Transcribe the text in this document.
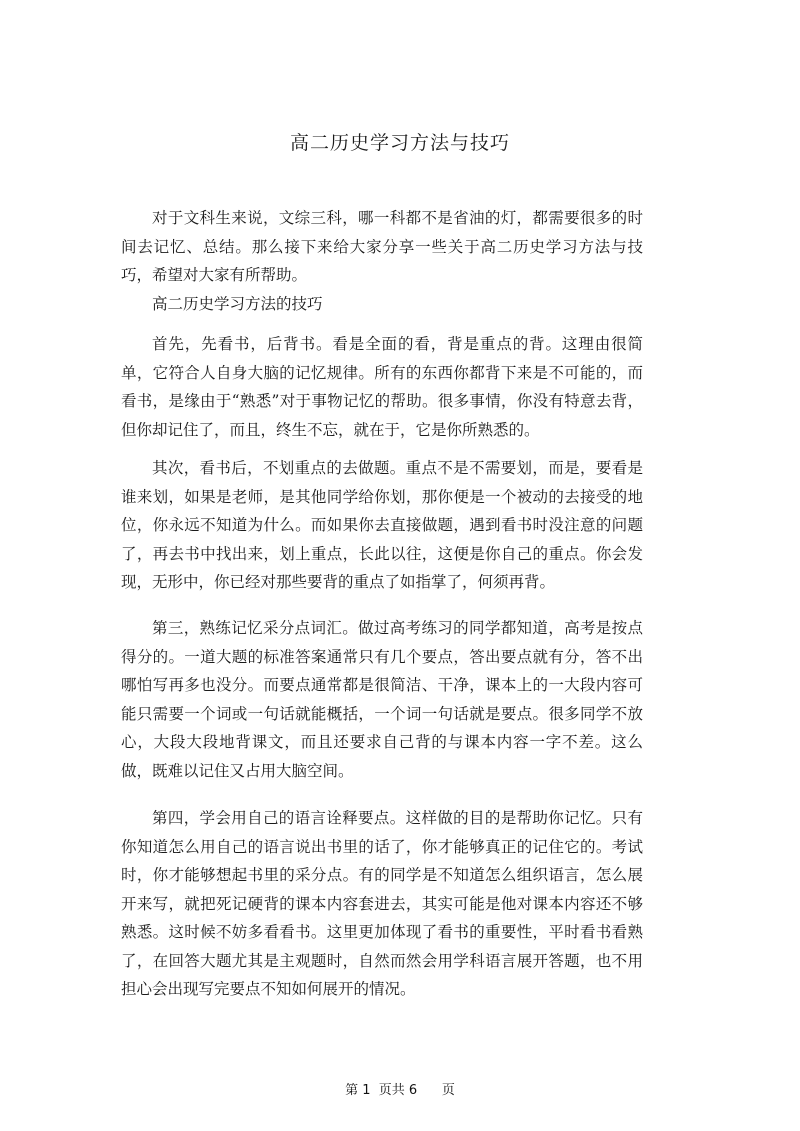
高二历史学习方法与技巧

对于文科生来说，文综三科，哪一科都不是省油的灯，都需要很多的时间去记忆、总结。那么接下来给大家分享一些关于高二历史学习方法与技巧，希望对大家有所帮助。

高二历史学习方法的技巧

首先，先看书，后背书。看是全面的看，背是重点的背。这理由很简单，它符合人自身大脑的记忆规律。所有的东西你都背下来是不可能的，而看书，是缘由于“熟悉”对于事物记忆的帮助。很多事情，你没有特意去背，但你却记住了，而且，终生不忘，就在于，它是你所熟悉的。

其次，看书后，不划重点的去做题。重点不是不需要划，而是，要看是谁来划，如果是老师，是其他同学给你划，那你便是一个被动的去接受的地位，你永远不知道为什么。而如果你去直接做题，遇到看书时没注意的问题了，再去书中找出来，划上重点，长此以往，这便是你自己的重点。你会发现，无形中，你已经对那些要背的重点了如指掌了，何须再背。

第三，熟练记忆采分点词汇。做过高考练习的同学都知道，高考是按点得分的。一道大题的标准答案通常只有几个要点，答出要点就有分，答不出哪怕写再多也没分。而要点通常都是很简洁、干净，课本上的一大段内容可能只需要一个词或一句话就能概括，一个词一句话就是要点。很多同学不放心，大段大段地背课文，而且还要求自己背的与课本内容一字不差。这么做，既难以记住又占用大脑空间。

第四，学会用自己的语言诠释要点。这样做的目的是帮助你记忆。只有你知道怎么用自己的语言说出书里的话了，你才能够真正的记住它的。考试时，你才能够想起书里的采分点。有的同学是不知道怎么组织语言，怎么展开来写，就把死记硬背的课本内容套进去，其实可能是他对课本内容还不够熟悉。这时候不妨多看看书。这里更加体现了看书的重要性，平时看书看熟了，在回答大题尤其是主观题时，自然而然会用学科语言展开答题，也不用担心会出现写完要点不知如何展开的情况。

第 1  页共 6      页
